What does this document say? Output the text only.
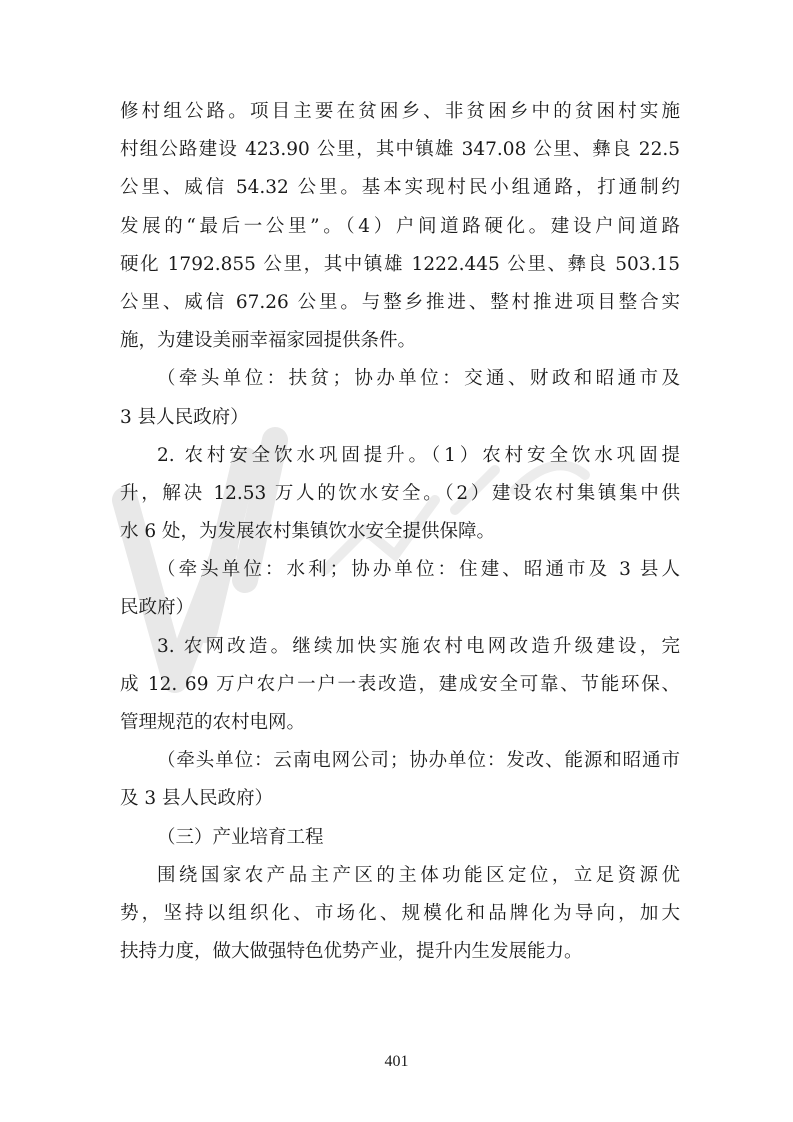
修村组公路。项目主要在贫困乡、非贫困乡中的贫困村实施
村组公路建设 423.90 公里，其中镇雄 347.08 公里、彝良 22.5
公里、威信 54.32 公里。基本实现村民小组通路，打通制约
发展的“最后一公里”。（4）户间道路硬化。建设户间道路
硬化 1792.855 公里，其中镇雄 1222.445 公里、彝良 503.15
公里、威信 67.26 公里。与整乡推进、整村推进项目整合实
施，为建设美丽幸福家园提供条件。
（牵头单位：扶贫；协办单位：交通、财政和昭通市及
3 县人民政府）
2. 农村安全饮水巩固提升。（1）农村安全饮水巩固提
升，解决 12.53 万人的饮水安全。（2）建设农村集镇集中供
水 6 处，为发展农村集镇饮水安全提供保障。
（牵头单位：水利；协办单位：住建、昭通市及 3 县人
民政府）
3. 农网改造。继续加快实施农村电网改造升级建设，完
成 12. 69 万户农户一户一表改造，建成安全可靠、节能环保、
管理规范的农村电网。
（牵头单位：云南电网公司；协办单位：发改、能源和昭通市
及 3 县人民政府）
（三）产业培育工程
围绕国家农产品主产区的主体功能区定位，立足资源优
势，坚持以组织化、市场化、规模化和品牌化为导向，加大
扶持力度，做大做强特色优势产业，提升内生发展能力。
401
